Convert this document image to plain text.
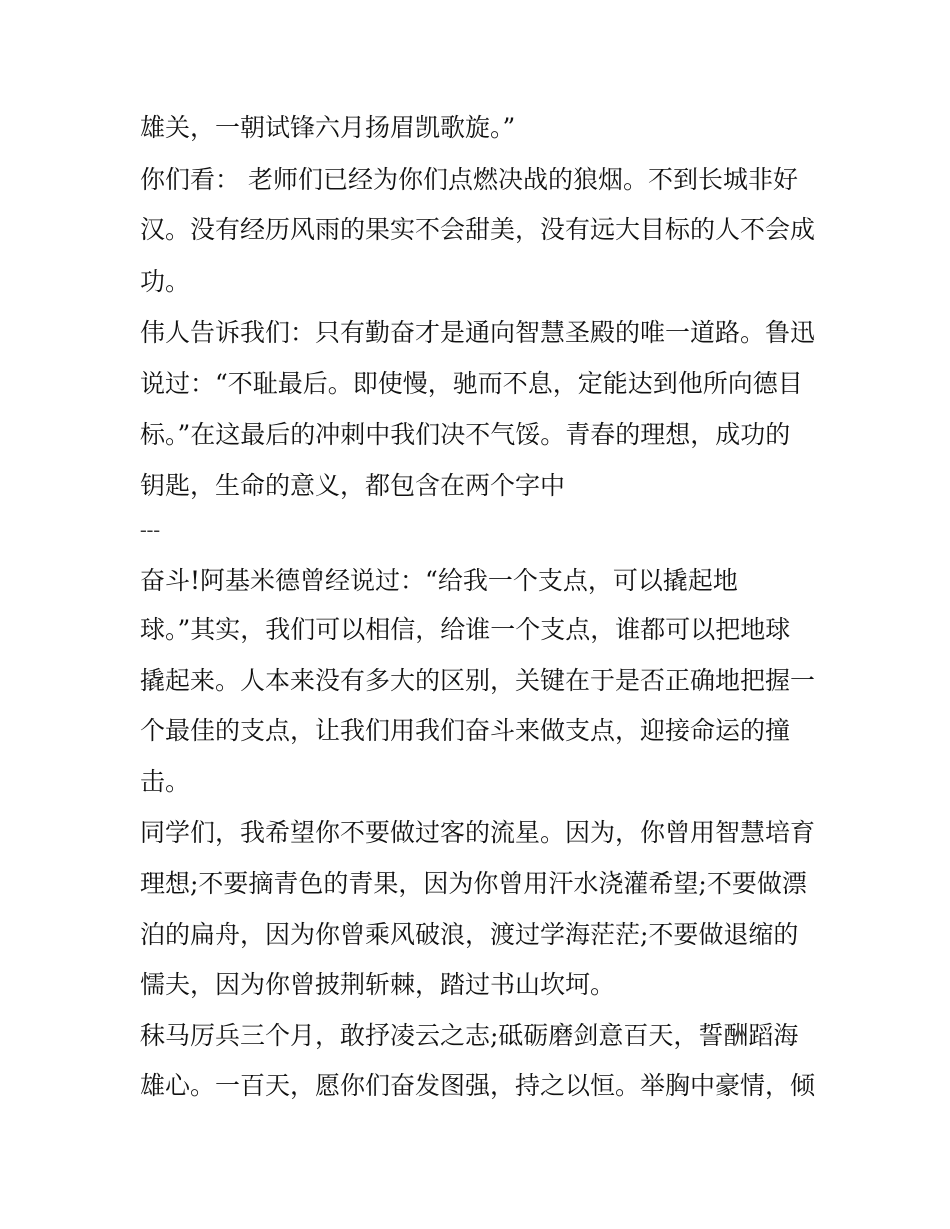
雄关，一朝试锋六月扬眉凯歌旋。”
你们看： 老师们已经为你们点燃决战的狼烟。不到长城非好
汉。没有经历风雨的果实不会甜美，没有远大目标的人不会成
功。
伟人告诉我们：只有勤奋才是通向智慧圣殿的唯一道路。鲁迅
说过：“不耻最后。即使慢，驰而不息，定能达到他所向德目
标。”在这最后的冲刺中我们决不气馁。青春的理想，成功的
钥匙，生命的意义，都包含在两个字中
---
奋斗!阿基米德曾经说过：“给我一个支点，可以撬起地
球。”其实，我们可以相信，给谁一个支点，谁都可以把地球
撬起来。人本来没有多大的区别，关键在于是否正确地把握一
个最佳的支点，让我们用我们奋斗来做支点，迎接命运的撞
击。
同学们，我希望你不要做过客的流星。因为，你曾用智慧培育
理想;不要摘青色的青果，因为你曾用汗水浇灌希望;不要做漂
泊的扁舟，因为你曾乘风破浪，渡过学海茫茫;不要做退缩的
懦夫，因为你曾披荆斩棘，踏过书山坎坷。
秣马厉兵三个月，敢抒凌云之志;砥砺磨剑意百天，誓酬蹈海
雄心。一百天，愿你们奋发图强，持之以恒。举胸中豪情，倾
